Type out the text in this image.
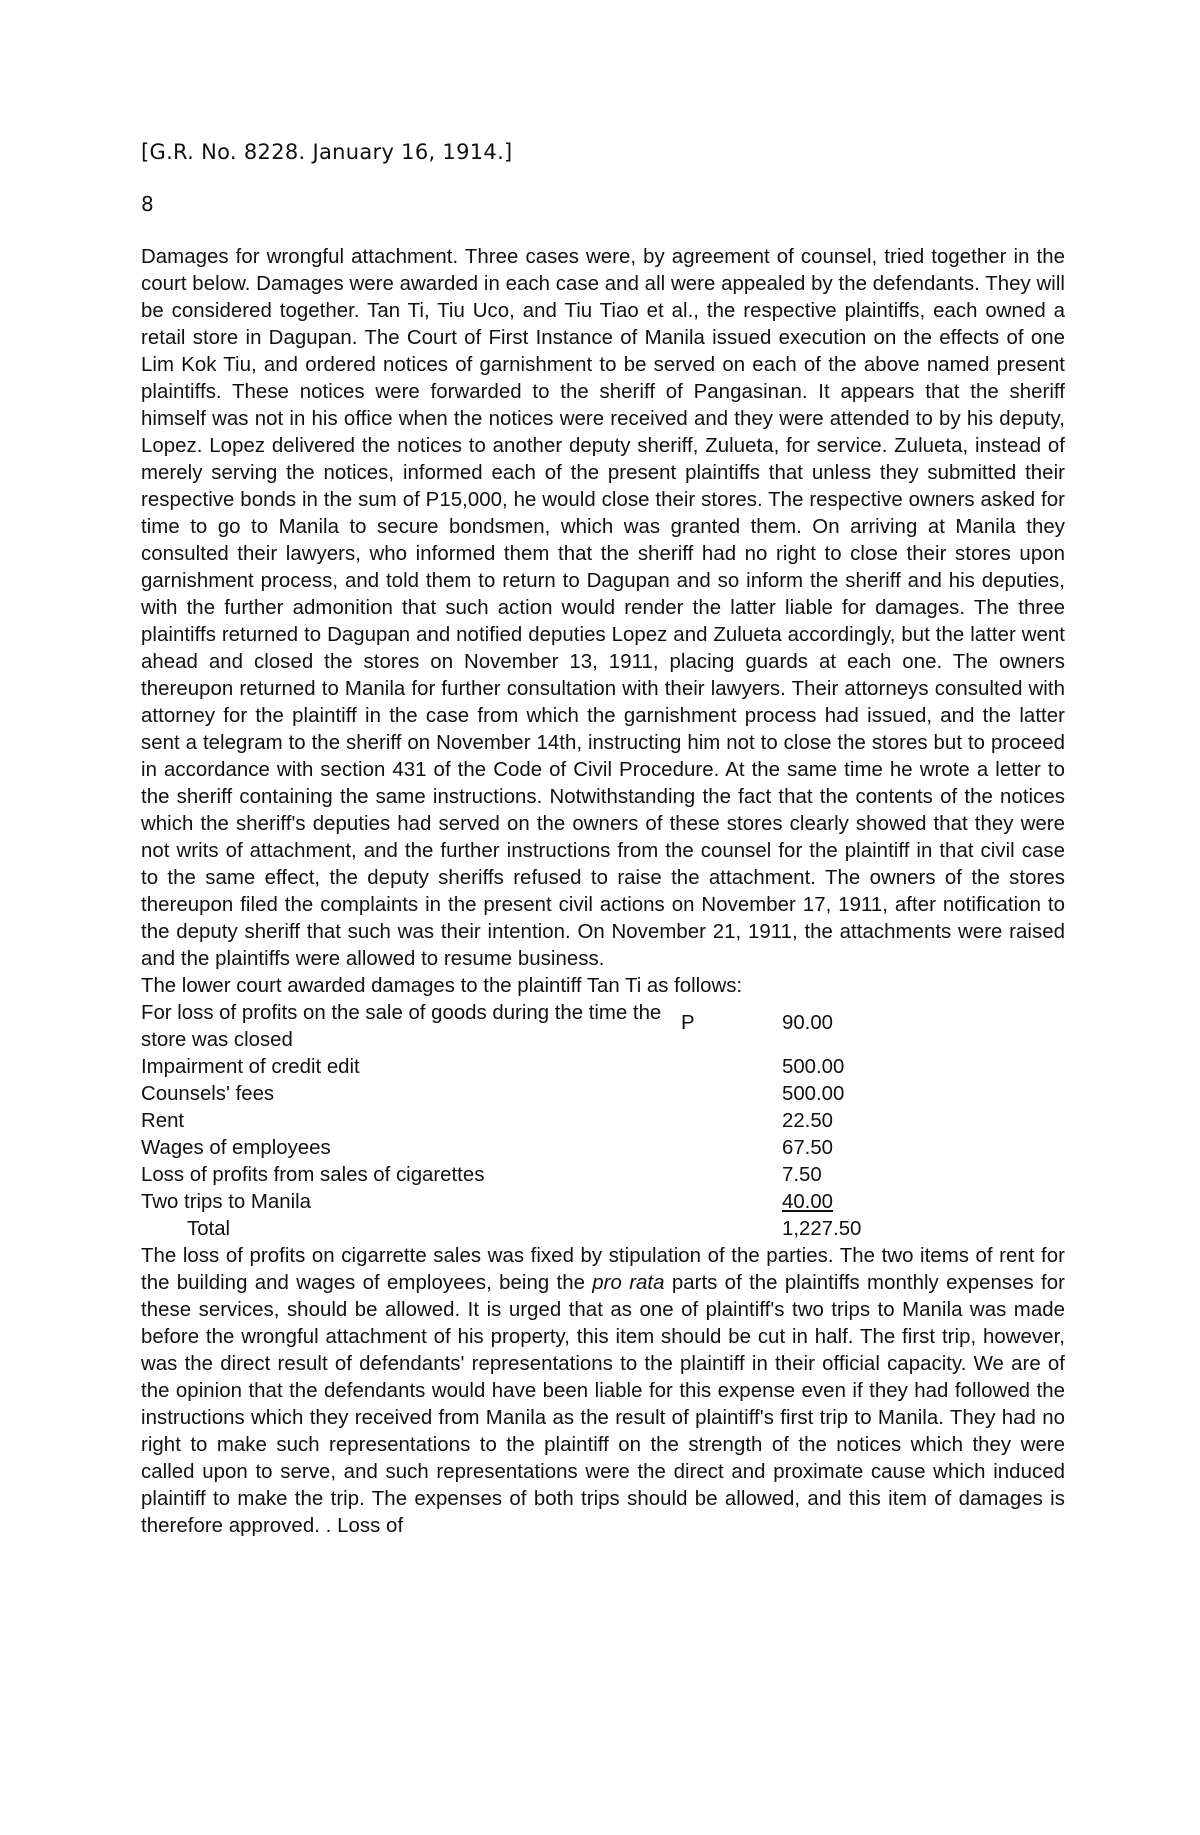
[G.R. No. 8228. January 16, 1914.]
8

Damages for wrongful attachment. Three cases were, by agreement of counsel, tried together in the court below. Damages were awarded in each case and all were appealed by the defendants. They will be considered together. Tan Ti, Tiu Uco, and Tiu Tiao et al., the respective plaintiffs, each owned a retail store in Dagupan. The Court of First Instance of Manila issued execution on the effects of one Lim Kok Tiu, and ordered notices of garnishment to be served on each of the above named present plaintiffs. These notices were forwarded to the sheriff of Pangasinan. It appears that the sheriff himself was not in his office when the notices were received and they were attended to by his deputy, Lopez. Lopez delivered the notices to another deputy sheriff, Zulueta, for service. Zulueta, instead of merely serving the notices, informed each of the present plaintiffs that unless they submitted their respective bonds in the sum of P15,000, he would close their stores. The respective owners asked for time to go to Manila to secure bondsmen, which was granted them. On arriving at Manila they consulted their lawyers, who informed them that the sheriff had no right to close their stores upon garnishment process, and told them to return to Dagupan and so inform the sheriff and his deputies, with the further admonition that such action would render the latter liable for damages. The three plaintiffs returned to Dagupan and notified deputies Lopez and Zulueta accordingly, but the latter went ahead and closed the stores on November 13, 1911, placing guards at each one. The owners thereupon returned to Manila for further consultation with their lawyers. Their attorneys consulted with attorney for the plaintiff in the case from which the garnishment process had issued, and the latter sent a telegram to the sheriff on November 14th, instructing him not to close the stores but to proceed in accordance with section 431 of the Code of Civil Procedure. At the same time he wrote a letter to the sheriff containing the same instructions. Notwithstanding the fact that the contents of the notices which the sheriff's deputies had served on the owners of these stores clearly showed that they were not writs of attachment, and the further instructions from the counsel for the plaintiff in that civil case to the same effect, the deputy sheriffs refused to raise the attachment. The owners of the stores thereupon filed the complaints in the present civil actions on November 17, 1911, after notification to the deputy sheriff that such was their intention. On November 21, 1911, the attachments were raised and the plaintiffs were allowed to resume business.

The lower court awarded damages to the plaintiff Tan Ti as follows:

For loss of profits on the sale of goods during the time the store was closed	P	90.00
Impairment of credit edit		500.00
Counsels' fees		500.00
Rent		22.50
Wages of employees		67.50
Loss of profits from sales of cigarettes		7.50
Two trips to Manila		40.00
Total		1,227.50

The loss of profits on cigarrette sales was fixed by stipulation of the parties. The two items of rent for the building and wages of employees, being the pro rata parts of the plaintiffs monthly expenses for these services, should be allowed. It is urged that as one of plaintiff's two trips to Manila was made before the wrongful attachment of his property, this item should be cut in half. The first trip, however, was the direct result of defendants' representations to the plaintiff in their official capacity. We are of the opinion that the defendants would have been liable for this expense even if they had followed the instructions which they received from Manila as the result of plaintiff's first trip to Manila. They had no right to make such representations to the plaintiff on the strength of the notices which they were called upon to serve, and such representations were the direct and proximate cause which induced plaintiff to make the trip. The expenses of both trips should be allowed, and this item of damages is therefore approved. . Loss of
